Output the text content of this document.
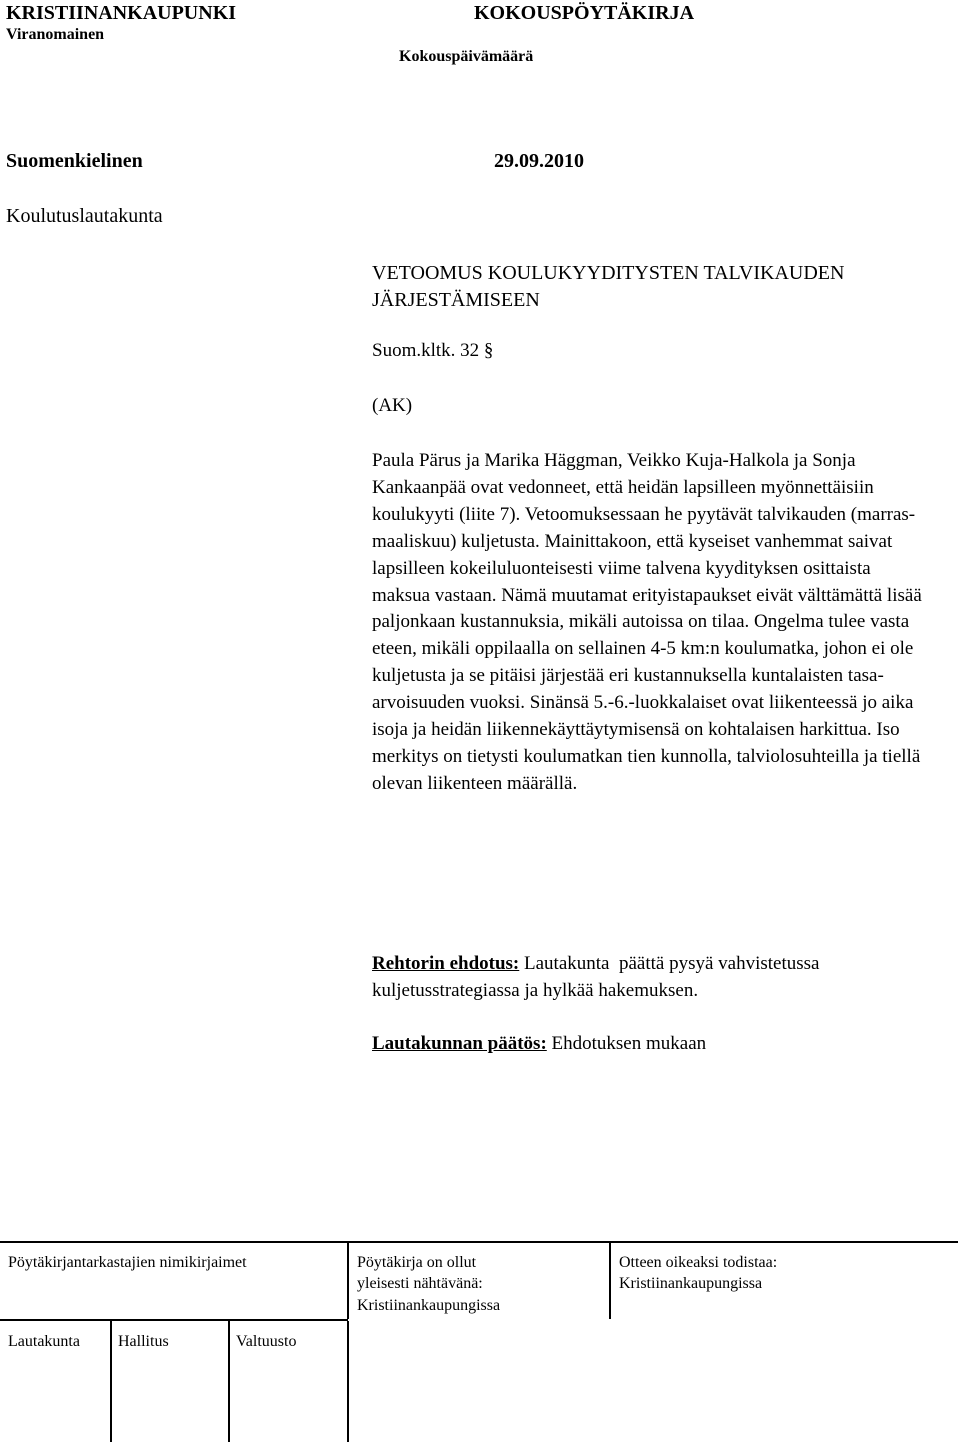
KRISTIINANKAUPUNKI	KOKOUSPÖYTÄKIRJA
Viranomainen
Kokouspäivämäärä
Suomenkielinen	29.09.2010
Koulutuslautakunta
VETOOMUS KOULUKYYDITYSTEN TALVIKAUDEN
JÄRJESTÄMISEEN
Suom.kltk. 32 §
(AK)
Paula Pärus ja Marika Häggman, Veikko Kuja-Halkola ja Sonja Kankaanpää ovat vedonneet, että heidän lapsilleen myönnettäisiin koulukyyti (liite 7). Vetoomuksessaan he pyytävät talvikauden (marras-maaliskuu) kuljetusta. Mainittakoon, että kyseiset vanhemmat saivat lapsilleen kokeiluluonteisesti viime talvena kyydityksen osittaista maksua vastaan. Nämä muutamat erityistapaukset eivät välttämättä lisää paljonkaan kustannuksia, mikäli autoissa on tilaa. Ongelma tulee vasta eteen, mikäli oppilaalla on sellainen 4-5 km:n koulumatka, johon ei ole kuljetusta ja se pitäisi järjestää eri kustannuksella kuntalaisten tasa-arvoisuuden vuoksi. Sinänsä 5.-6.-luokkalaiset ovat liikenteessä jo aika isoja ja heidän liikennekäyttäytymisensä on kohtalaisen harkittua. Iso merkitys on tietysti koulumatkan tien kunnolla, talviolosuhteilla ja tiellä olevan liikenteen määrällä.
Rehtorin ehdotus: Lautakunta  päättä pysyä vahvistetussa
kuljetusstrategiassa ja hylkää hakemuksen.
Lautakunnan päätös: Ehdotuksen mukaan
Pöytäkirjantarkastajien nimikirjaimet	Pöytäkirja on ollut
yleisesti nähtävänä:
Kristiinankaupungissa
Otteen oikeaksi todistaa:
Kristiinankaupungissa
Lautakunta Hallitus	Valtuusto
